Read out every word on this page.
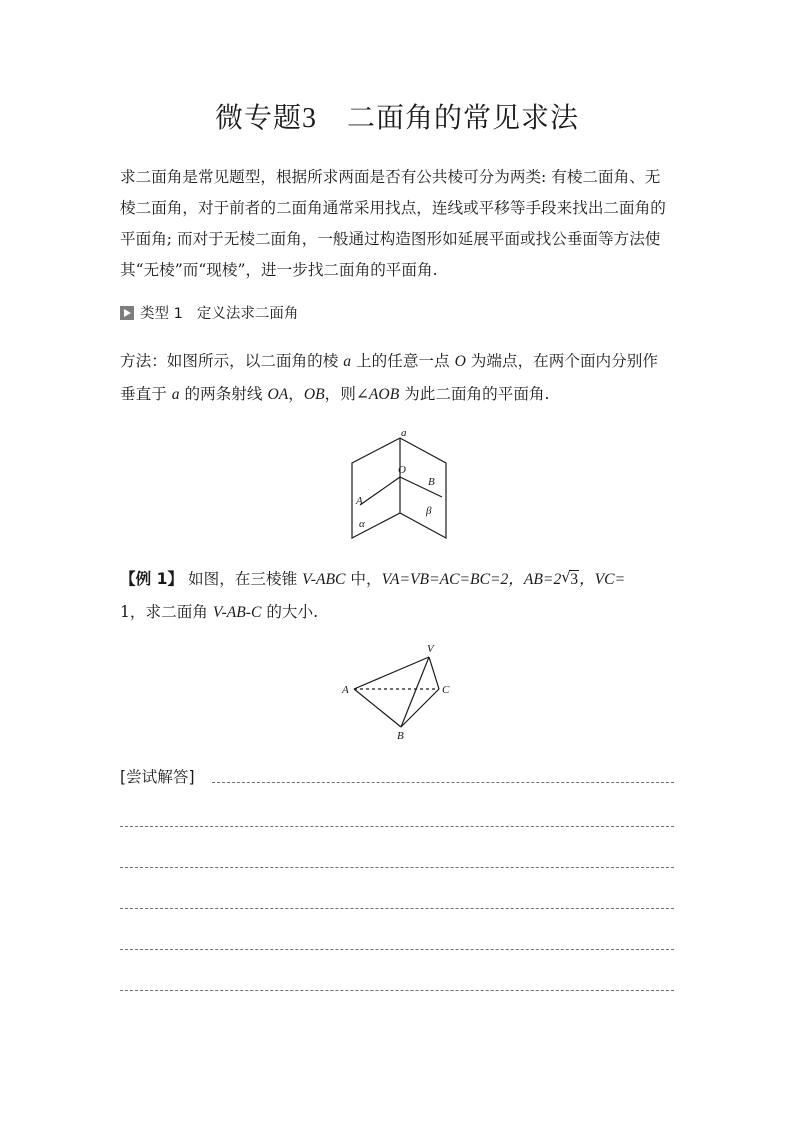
微专题3 二面角的常见求法
求二面角是常见题型，根据所求两面是否有公共棱可分为两类: 有棱二面角、无
棱二面角，对于前者的二面角通常采用找点，连线或平移等手段来找出二面角的
平面角; 而对于无棱二面角，一般通过构造图形如延展平面或找公垂面等方法使
其“无棱”而“现棱”，进一步找二面角的平面角.
类型 1 定义法求二面角
方法：如图所示，以二面角的棱 a 上的任意一点 O 为端点，在两个面内分别作
垂直于 a 的两条射线 OA，OB，则∠AOB 为此二面角的平面角.
a
O
A
B
α
β
【例 1】 如图，在三棱锥 V-ABC 中，VA=VB=AC=BC=2，AB=2 √ 3，VC=
1，求二面角 V-AB-C 的大小.
V
A	C
B
[尝试解答]
